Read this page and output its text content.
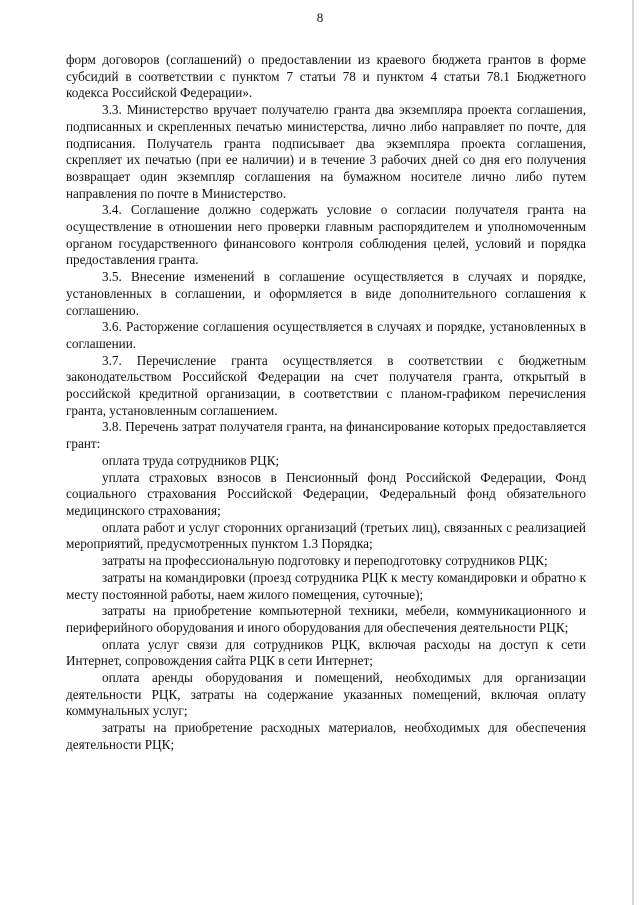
8

форм договоров (соглашений) о предоставлении из краевого бюджета грантов в форме субсидий в соответствии с пунктом 7 статьи 78 и пунктом 4 статьи 78.1 Бюджетного кодекса Российской Федерации».

3.3. Министерство вручает получателю гранта два экземпляра проекта соглашения, подписанных и скрепленных печатью министерства, лично либо направляет по почте, для подписания. Получатель гранта подписывает два экземпляра проекта соглашения, скрепляет их печатью (при ее наличии) и в течение 3 рабочих дней со дня его получения возвращает один экземпляр соглашения на бумажном носителе лично либо путем направления по почте в Министерство.

3.4. Соглашение должно содержать условие о согласии получателя гранта на осуществление в отношении него проверки главным распорядителем и уполномоченным органом государственного финансового контроля соблюдения целей, условий и порядка предоставления гранта.

3.5. Внесение изменений в соглашение осуществляется в случаях и порядке, установленных в соглашении, и оформляется в виде дополнительного соглашения к соглашению.

3.6. Расторжение соглашения осуществляется в случаях и порядке, установленных в соглашении.

3.7. Перечисление гранта осуществляется в соответствии с бюджетным законодательством Российской Федерации на счет получателя гранта, открытый в российской кредитной организации, в соответствии с планом-графиком перечисления гранта, установленным соглашением.

3.8. Перечень затрат получателя гранта, на финансирование которых предоставляется грант:

оплата труда сотрудников РЦК;

уплата страховых взносов в Пенсионный фонд Российской Федерации, Фонд социального страхования Российской Федерации, Федеральный фонд обязательного медицинского страхования;

оплата работ и услуг сторонних организаций (третьих лиц), связанных с реализацией мероприятий, предусмотренных пунктом 1.3 Порядка;

затраты на профессиональную подготовку и переподготовку сотрудников РЦК;

затраты на командировки (проезд сотрудника РЦК к месту командировки и обратно к месту постоянной работы, наем жилого помещения, суточные);

затраты на приобретение компьютерной техники, мебели, коммуникационного и периферийного оборудования и иного оборудования для обеспечения деятельности РЦК;

оплата услуг связи для сотрудников РЦК, включая расходы на доступ к сети Интернет, сопровождения сайта РЦК в сети Интернет;

оплата аренды оборудования и помещений, необходимых для организации деятельности РЦК, затраты на содержание указанных помещений, включая оплату коммунальных услуг;

затраты на приобретение расходных материалов, необходимых для обеспечения деятельности РЦК;
